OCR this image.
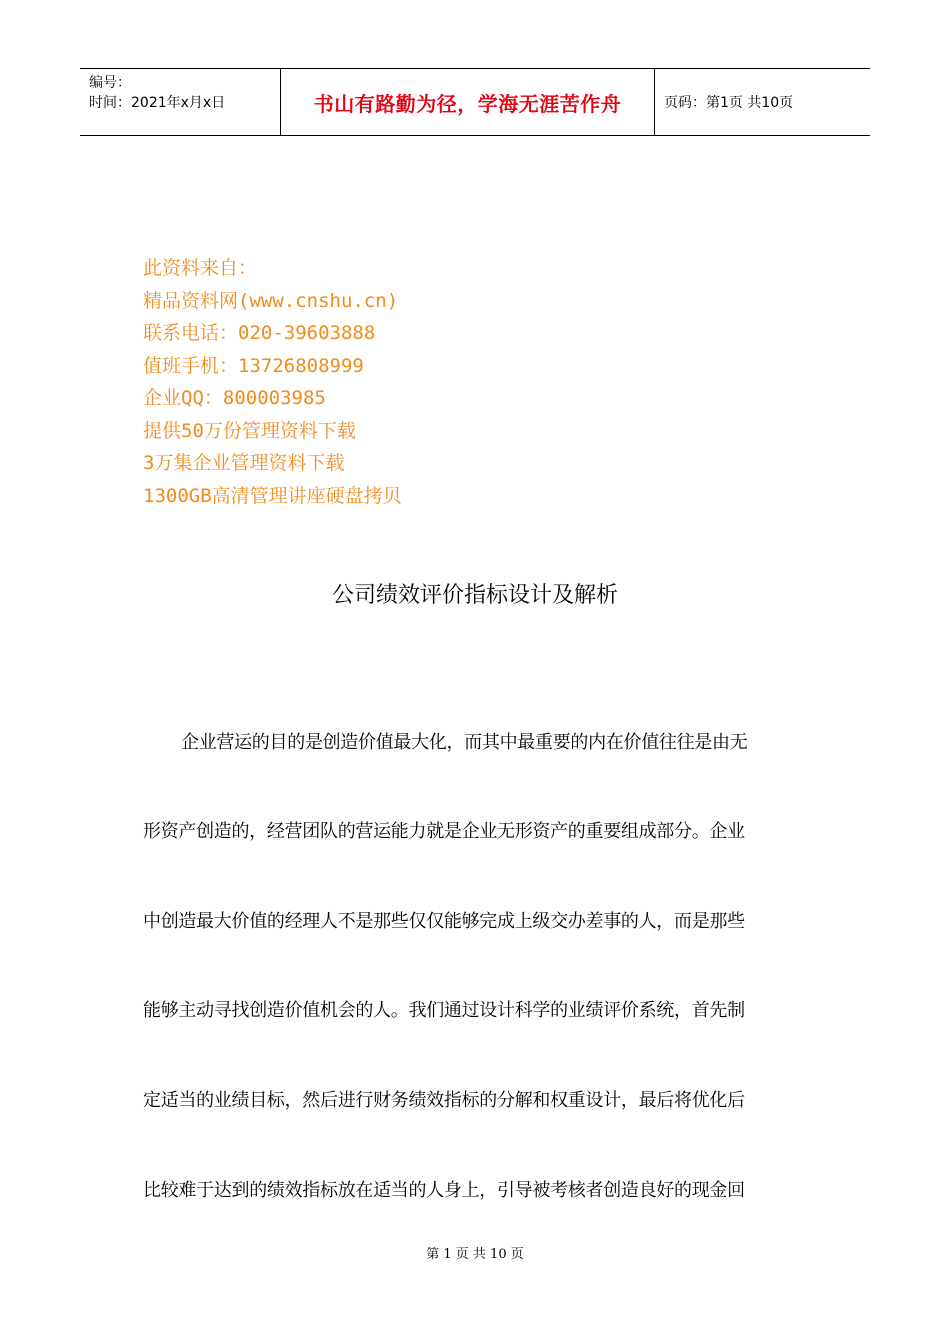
编号：
时间：2021年x月x日	书山有路勤为径，学海无涯苦作舟	页码：第1页 共10页
此资料来自：
精品资料网(www.cnshu.cn)
联系电话：020-39603888
值班手机：13726808999
企业QQ：800003985
提供50万份管理资料下载
3万集企业管理资料下载
1300GB高清管理讲座硬盘拷贝
公司绩效评价指标设计及解析
企业营运的目的是创造价值最大化，而其中最重要的内在价值往往是由无
形资产创造的，经营团队的营运能力就是企业无形资产的重要组成部分。企业
中创造最大价值的经理人不是那些仅仅能够完成上级交办差事的人，而是那些
能够主动寻找创造价值机会的人。我们通过设计科学的业绩评价系统，首先制
定适当的业绩目标，然后进行财务绩效指标的分解和权重设计，最后将优化后
比较难于达到的绩效指标放在适当的人身上，引导被考核者创造良好的现金回
第 1 页 共 10 页
